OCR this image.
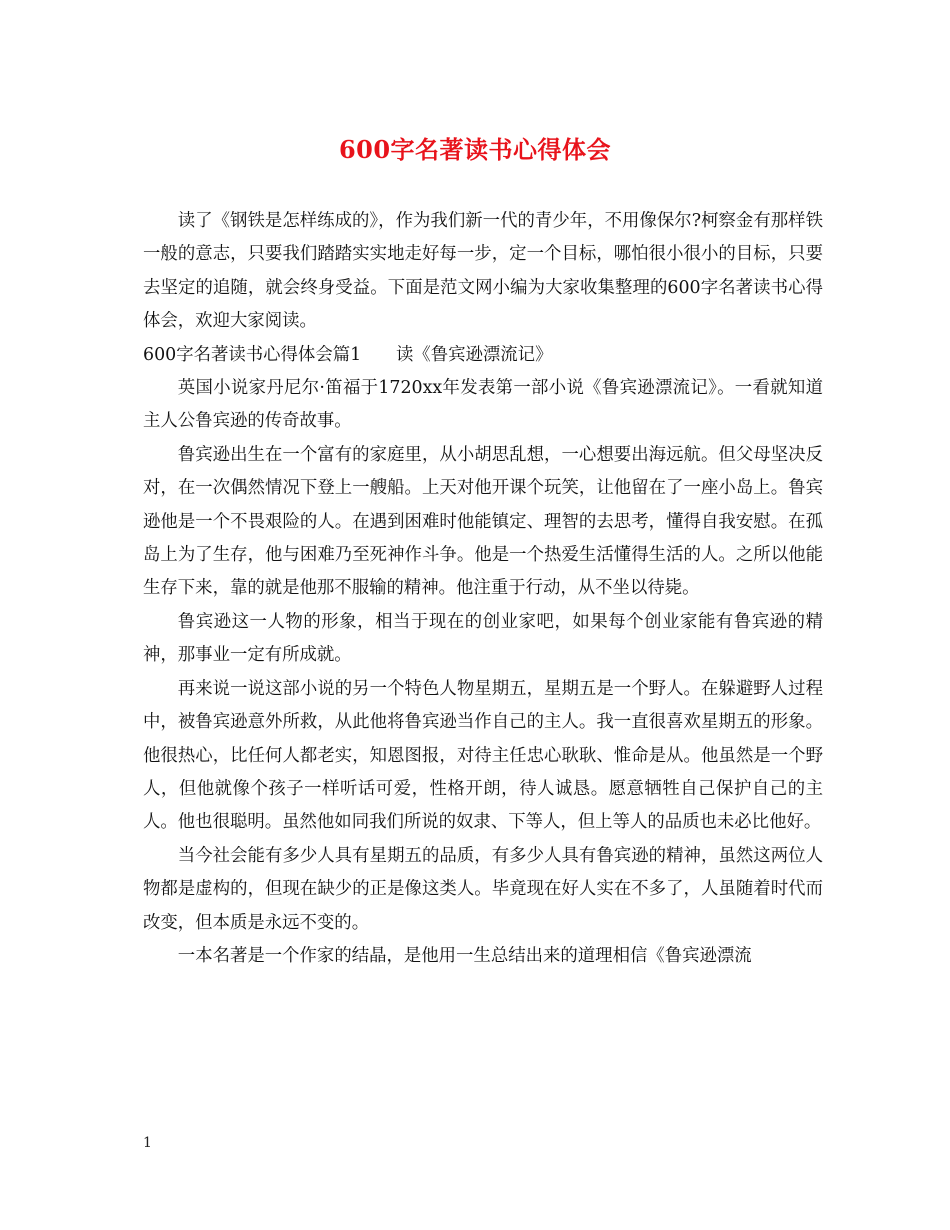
600字名著读书心得体会

读了《钢铁是怎样练成的》，作为我们新一代的青少年，不用像保尔?柯察金有那样铁一般的意志，只要我们踏踏实实地走好每一步，定一个目标，哪怕很小很小的目标，只要去坚定的追随，就会终身受益。下面是范文网小编为大家收集整理的600字名著读书心得体会，欢迎大家阅读。

600字名著读书心得体会篇1　　读《鲁宾逊漂流记》

英国小说家丹尼尔·笛福于1720xx年发表第一部小说《鲁宾逊漂流记》。一看就知道主人公鲁宾逊的传奇故事。

鲁宾逊出生在一个富有的家庭里，从小胡思乱想，一心想要出海远航。但父母坚决反对，在一次偶然情况下登上一艘船。上天对他开课个玩笑，让他留在了一座小岛上。鲁宾逊他是一个不畏艰险的人。在遇到困难时他能镇定、理智的去思考，懂得自我安慰。在孤岛上为了生存，他与困难乃至死神作斗争。他是一个热爱生活懂得生活的人。之所以他能生存下来，靠的就是他那不服输的精神。他注重于行动，从不坐以待毙。

鲁宾逊这一人物的形象，相当于现在的创业家吧，如果每个创业家能有鲁宾逊的精神，那事业一定有所成就。

再来说一说这部小说的另一个特色人物星期五，星期五是一个野人。在躲避野人过程中，被鲁宾逊意外所救，从此他将鲁宾逊当作自己的主人。我一直很喜欢星期五的形象。他很热心，比任何人都老实，知恩图报，对待主任忠心耿耿、惟命是从。他虽然是一个野人，但他就像个孩子一样听话可爱，性格开朗，待人诚恳。愿意牺牲自己保护自己的主人。他也很聪明。虽然他如同我们所说的奴隶、下等人，但上等人的品质也未必比他好。

当今社会能有多少人具有星期五的品质，有多少人具有鲁宾逊的精神，虽然这两位人物都是虚构的，但现在缺少的正是像这类人。毕竟现在好人实在不多了，人虽随着时代而改变，但本质是永远不变的。

一本名著是一个作家的结晶，是他用一生总结出来的道理相信《鲁宾逊漂流

1
